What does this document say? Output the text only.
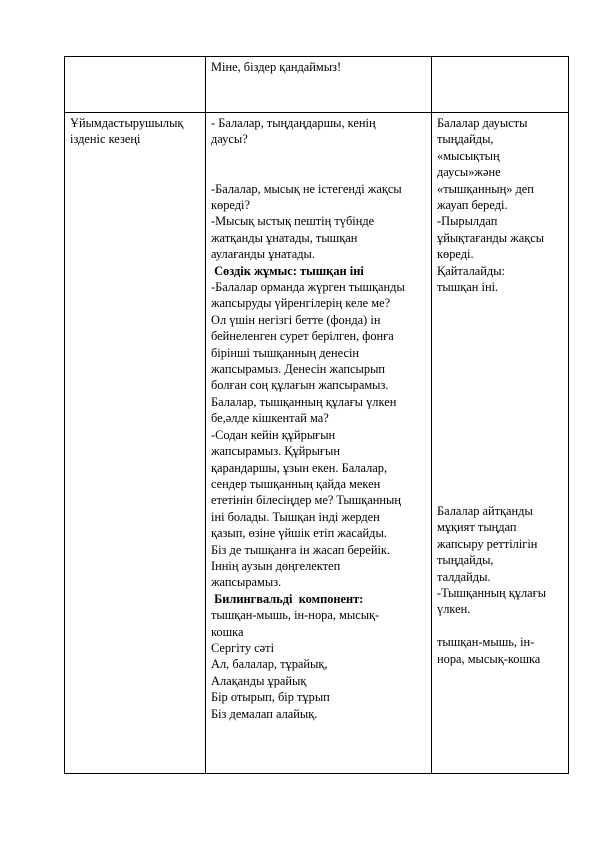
Міне, біздер қандаймыз!
Ұйымдастырушылық
ізденіс кезеңі
- Балалар, тыңдаңдаршы, кенің
даусы?
-Балалар, мысық не істегенді жақсы
көреді?
-Мысық ыстық пештің түбінде
жатқанды ұнатады, тышқан
аулағанды ұнатады.
Сөздік жұмыс: тышқан іні
-Балалар орманда жүрген тышқанды
жапсыруды үйренгілерің келе ме?
Ол үшін негізгі бетте (фонда) ін
бейнеленген сурет берілген, фонға
бірінші тышқанның денесін
жапсырамыз. Денесін жапсырып
болған соң құлағын жапсырамыз.
Балалар, тышқанның құлағы үлкен
бе,әлде кішкентай ма?
-Содан кейін құйрығын
жапсырамыз. Құйрығын
қарандаршы, ұзын екен. Балалар,
сендер тышқанның қайда мекен
ететінін білесіңдер ме? Тышқанның
іні болады. Тышқан інді жерден
қазып, өзіне үйшік етіп жасайды.
Біз де тышқанға ін жасап берейік.
Іннің аузын дөңгелектеп
жапсырамыз.
Билингвальді  компонент:
тышқан-мышь, ін-нора, мысық-
кошка
Сергіту сәті
Ал, балалар, тұрайық,
Алақанды ұрайық
Бір отырып, бір тұрып
Біз демалап алайық.
Балалар дауысты
тыңдайды,
«мысықтың
даусы»және
«тышқанның» деп
жауап береді.
-Пырылдап
ұйықтағанды жақсы
көреді.
Қайталайды:
тышқан іні.
Балалар айтқанды
мұқият тыңдап
жапсыру реттілігін
тыңдайды,
талдайды.
-Тышқанның құлағы
үлкен.
тышқан-мышь, ін-
нора, мысық-кошка
